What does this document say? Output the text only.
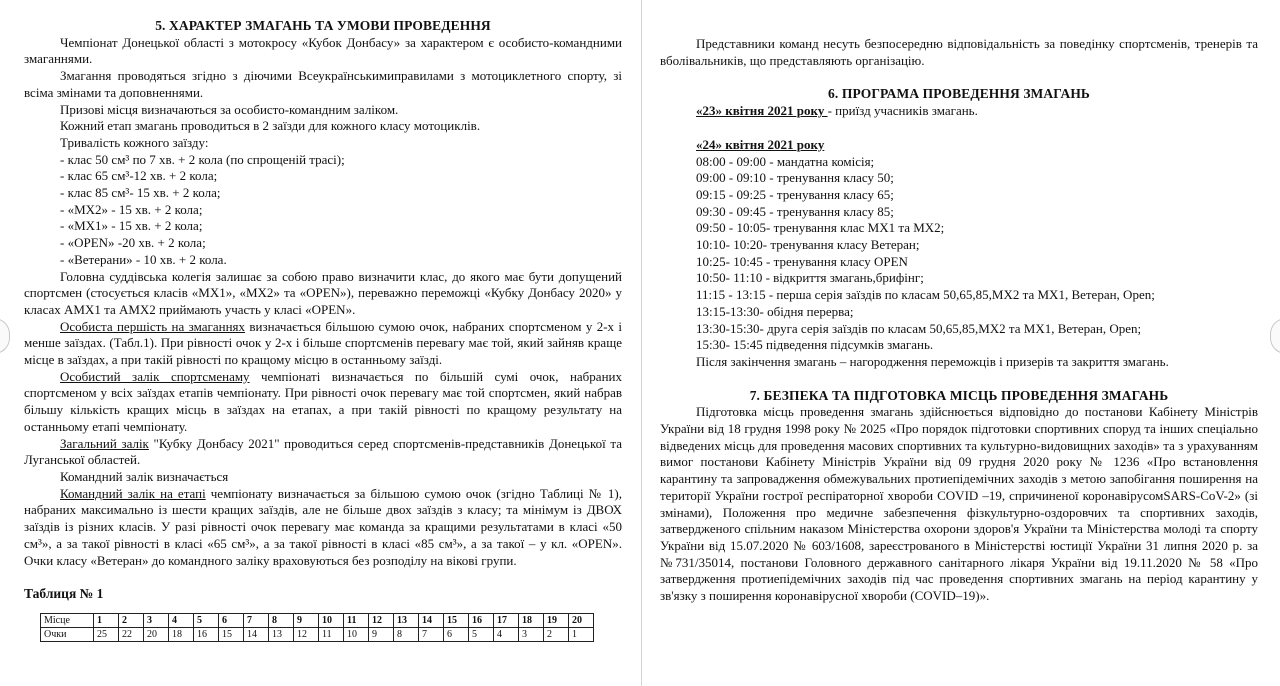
5. ХАРАКТЕР ЗМАГАНЬ ТА УМОВИ ПРОВЕДЕННЯ

Чемпіонат Донецької області з мотокросу «Кубок Донбасу» за характером є особисто-командними змаганнями.

Змагання проводяться згідно з діючими Всеукраїнськимиправилами з мотоциклетного спорту, зі всіма змінами та доповненнями.

Призові місця визначаються за особисто-командним заліком.

Кожний етап змагань проводиться в 2 заїзди для кожного класу мотоциклів.

Тривалість кожного заїзду:

- клас 50 см³ по 7 хв. + 2 кола (по спрощеній трасі);

- клас 65 см³-12 хв. + 2 кола;

- клас 85 см³- 15 хв. + 2 кола;

- «МХ2» - 15 хв. + 2 кола;

- «МХ1» - 15 хв. + 2 кола;

- «OPEN» -20 хв. + 2 кола;

- «Ветерани» - 10 хв. + 2 кола.

Головна суддівська колегія залишає за собою право визначити клас, до якого має бути допущений спортсмен (стосується класів «МХ1», «МХ2» та «OPEN»), переважно переможці «Кубку Донбасу 2020» у класах АМХ1 та АМХ2 приймають участь у класі «OPEN».

Особиста першість на змаганнях визначається більшою сумою очок, набраних спортсменом у 2-х і менше заїздах. (Табл.1). При рівності очок у 2-х і більше спортсменів перевагу має той, який зайняв краще місце в заїздах, а при такій рівності по кращому місцю в останньому заїзді.

Особистий залік спортсменаму чемпіонаті визначається по більшій сумі очок, набраних спортсменом у всіх заїздах етапів чемпіонату. При рівності очок перевагу має той спортсмен, який набрав більшу кількість кращих місць в заїздах на етапах, а при такій рівності по кращому результату на останньому етапі чемпіонату.

Загальний залік "Кубку Донбасу 2021" проводиться серед спортсменів-представників Донецької та Луганської областей.

Командний залік визначається

Командний залік на етапі чемпіонату визначається за більшою сумою очок (згідно Таблиці № 1), набраних максимально із шести кращих заїздів, але не більше двох заїздів з класу; та мінімум із ДВОХ заїздів із різних класів. У разі рівності очок перевагу має команда за кращими результатами в класі «50 см³», а за такої рівності в класі «65 см³», а за такої рівності в класі «85 см³», а за такої – у кл. «OPEN». Очки класу «Ветеран» до командного заліку враховуються без розподілу на вікові групи.

Таблиця № 1

Місце	1	2	3	4	5	6	7	8	9	10	11	12	13	14	15	16	17	18	19	20
Очки	25	22	20	18	16	15	14	13	12	11	10	9	8	7	6	5	4	3	2	1

Представники команд несуть безпосередню відповідальність за поведінку спортсменів, тренерів та вболівальників, що представляють організацію.

6. ПРОГРАМА ПРОВЕДЕННЯ ЗМАГАНЬ

«23» квітня 2021 року - приїзд учасників змагань.

«24» квітня 2021 року

08:00 - 09:00 - мандатна комісія;

09:00 - 09:10 - тренування класу 50;

09:15 - 09:25 - тренування класу 65;

09:30 - 09:45 - тренування класу 85;

09:50 - 10:05- тренування клас МХ1 та МХ2;

10:10- 10:20- тренування класу Ветеран;

10:25- 10:45 - тренування класу OPEN

10:50- 11:10 - відкриття змагань,брифінг;

11:15 - 13:15 - перша серія заїздів по класам 50,65,85,МХ2 та МХ1, Ветеран, Open;

13:15-13:30- обідня перерва;

13:30-15:30- друга серія заїздів по класам 50,65,85,МХ2 та МХ1, Ветеран, Open;

15:30- 15:45 підведення підсумків змагань.

Після закінчення змагань – нагородження переможців і призерів та закриття змагань.

7. БЕЗПЕКА ТА ПІДГОТОВКА МІСЦЬ ПРОВЕДЕННЯ ЗМАГАНЬ

Підготовка місць проведення змагань здійснюється відповідно до постанови Кабінету Міністрів України від 18 грудня 1998 року № 2025 «Про порядок підготовки спортивних споруд та інших спеціально відведених місць для проведення масових спортивних та культурно-видовищних заходів» та з урахуванням вимог постанови Кабінету Міністрів України від 09 грудня 2020 року № 1236 «Про встановлення карантину та запровадження обмежувальних протиепідемічних заходів з метою запобігання поширення на території України гострої респіраторної хвороби COVID –19, спричиненої коронавірусомSARS-CoV-2» (зі змінами), Положення про медичне забезпечення фізкультурно-оздоровчих та спортивних заходів, затвердженого спільним наказом Міністерства охорони здоров'я України та Міністерства молоді та спорту України від 15.07.2020 № 603/1608, зареєстрованого в Міністерстві юстиції України 31 липня 2020 р. за №731/35014, постанови Головного державного санітарного лікаря України від 19.11.2020 № 58 «Про затвердження протиепідемічних заходів під час проведення спортивних змагань на період карантину у зв'язку з поширення коронавірусної хвороби (COVID–19)».
